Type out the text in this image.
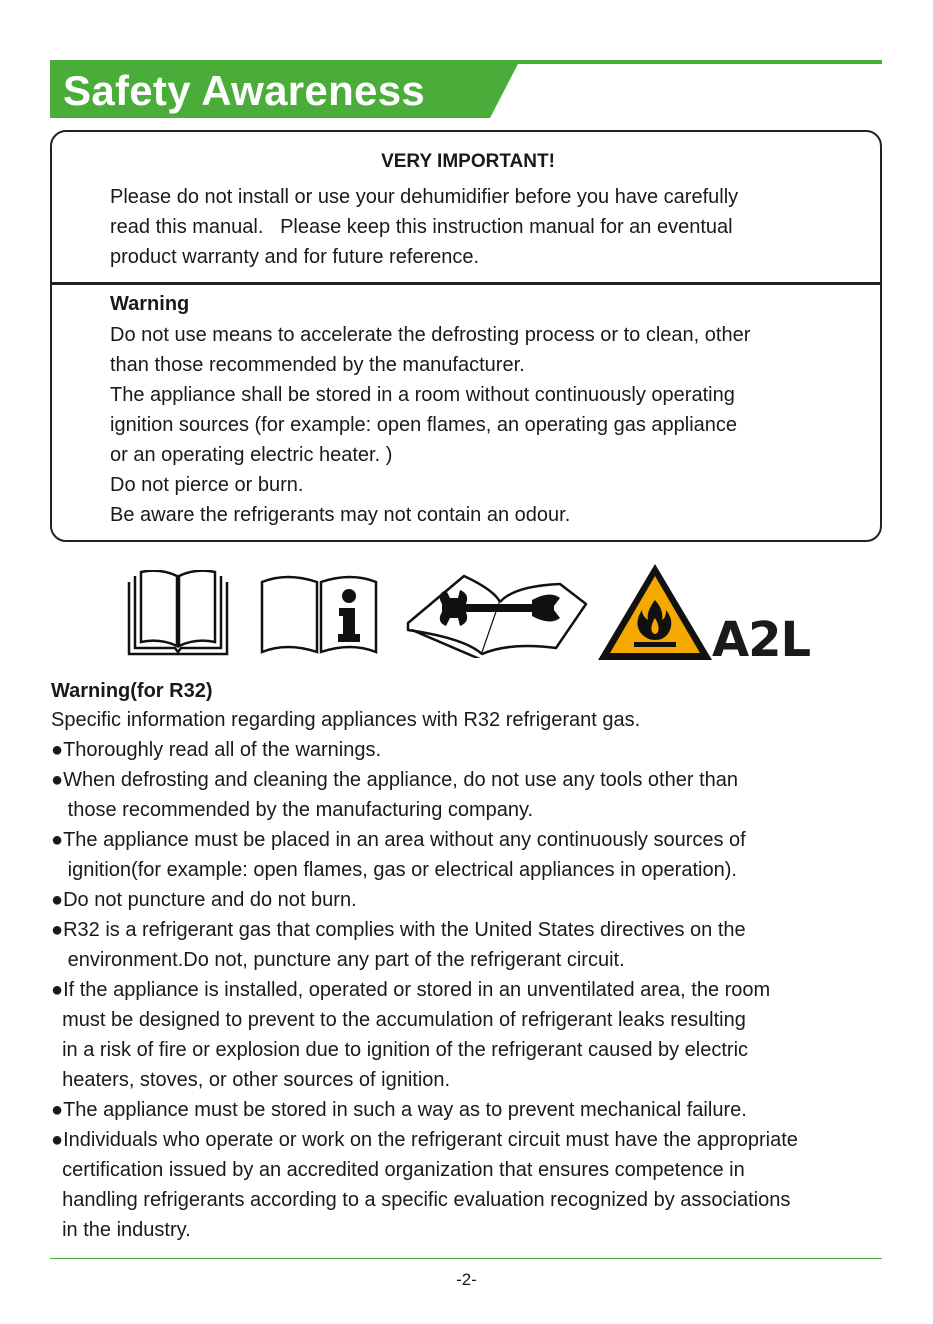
Safety Awareness
VERY IMPORTANT!
Please do not install or use your dehumidifier before you have carefully
read this manual.   Please keep this instruction manual for an eventual
product warranty and for future reference.
Warning
Do not use means to accelerate the defrosting process or to clean, other
than those recommended by the manufacturer.
The appliance shall be stored in a room without continuously operating
ignition sources (for example: open flames, an operating gas appliance
or an operating electric heater. )
Do not pierce or burn.
Be aware the refrigerants may not contain an odour.
A2L
Warning(for R32)
Specific information regarding appliances with R32 refrigerant gas.
●Thoroughly read all of the warnings.
●When defrosting and cleaning the appliance, do not use any tools other than
those recommended by the manufacturing company.
●The appliance must be placed in an area without any continuously sources of
ignition(for example: open flames, gas or electrical appliances in operation).
●Do not puncture and do not burn.
●R32 is a refrigerant gas that complies with the United States directives on the
environment.Do not, puncture any part of the refrigerant circuit.
●If the appliance is installed, operated or stored in an unventilated area, the room
must be designed to prevent to the accumulation of refrigerant leaks resulting
in a risk of fire or explosion due to ignition of the refrigerant caused by electric
heaters, stoves, or other sources of ignition.
●The appliance must be stored in such a way as to prevent mechanical failure.
●Individuals who operate or work on the refrigerant circuit must have the appropriate
certification issued by an accredited organization that ensures competence in
handling refrigerants according to a specific evaluation recognized by associations
in the industry.
-2-
